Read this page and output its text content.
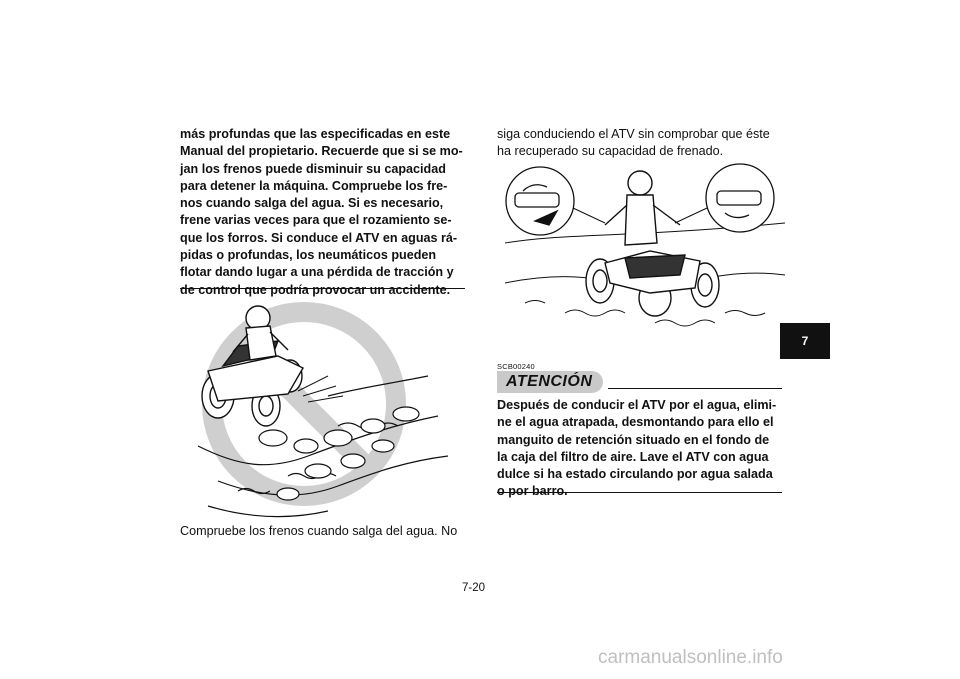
más profundas que las especificadas en este
Manual del propietario. Recuerde que si se mo-
jan los frenos puede disminuir su capacidad
para detener la máquina. Compruebe los fre-
nos cuando salga del agua. Si es necesario,
frene varias veces para que el rozamiento se-
que los forros. Si conduce el ATV en aguas rá-
pidas o profundas, los neumáticos pueden
flotar dando lugar a una pérdida de tracción y
de control que podría provocar un accidente.

Compruebe los frenos cuando salga del agua. No

siga conduciendo el ATV sin comprobar que éste
ha recuperado su capacidad de frenado.

SCB00240
ATENCIÓN

Después de conducir el ATV por el agua, elimi-
ne el agua atrapada, desmontando para ello el
manguito de retención situado en el fondo de
la caja del filtro de aire. Lave el ATV con agua
dulce si ha estado circulando por agua salada
o por barro.

7
7-20
carmanualsonline.info
